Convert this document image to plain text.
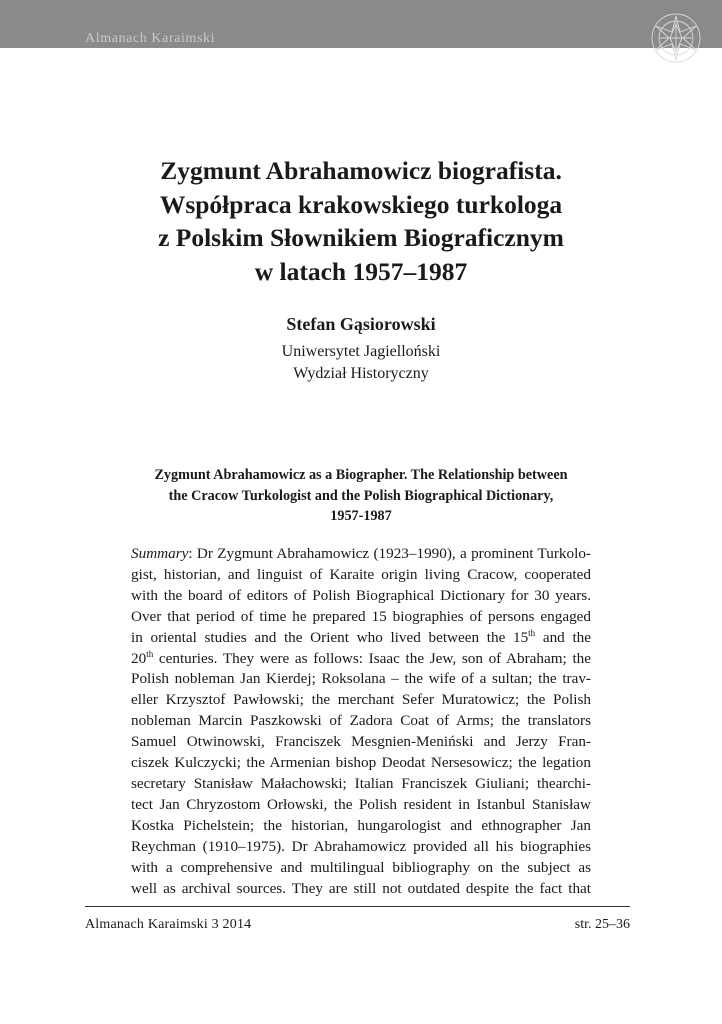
Almanach Karaimski
Zygmunt Abrahamowicz biografista.
Współpraca krakowskiego turkologa
z Polskim Słownikiem Biograficznym
w latach 1957–1987
Stefan Gąsiorowski
Uniwersytet Jagielloński
Wydział Historyczny
Zygmunt Abrahamowicz as a Biographer. The Relationship between
the Cracow Turkologist and the Polish Biographical Dictionary,
1957-1987
Summary: Dr Zygmunt Abrahamowicz (1923–1990), a prominent Turkolo-
gist, historian, and linguist of Karaite origin living Cracow, cooperated
with the board of editors of Polish Biographical Dictionary for 30 years.
Over that period of time he prepared 15 biographies of persons engaged
in oriental studies and the Orient who lived between the 15th and the
20th centuries. They were as follows: Isaac the Jew, son of Abraham; the
Polish nobleman Jan Kierdej; Roksolana – the wife of a sultan; the trav-
eller Krzysztof Pawłowski; the merchant Sefer Muratowicz; the Polish
nobleman Marcin Paszkowski of Zadora Coat of Arms; the translators
Samuel Otwinowski, Franciszek Mesgnien-Meniński and Jerzy Fran-
ciszek Kulczycki; the Armenian bishop Deodat Nersesowicz; the legation
secretary Stanisław Małachowski; Italian Franciszek Giuliani; thearchi-
tect Jan Chryzostom Orłowski, the Polish resident in Istanbul Stanisław
Kostka Pichelstein; the historian, hungarologist and ethnographer Jan
Reychman (1910–1975). Dr Abrahamowicz provided all his biographies
with a comprehensive and multilingual bibliography on the subject as
well as archival sources. They are still not outdated despite the fact that
Almanach Karaimski 3 2014	str. 25–36
